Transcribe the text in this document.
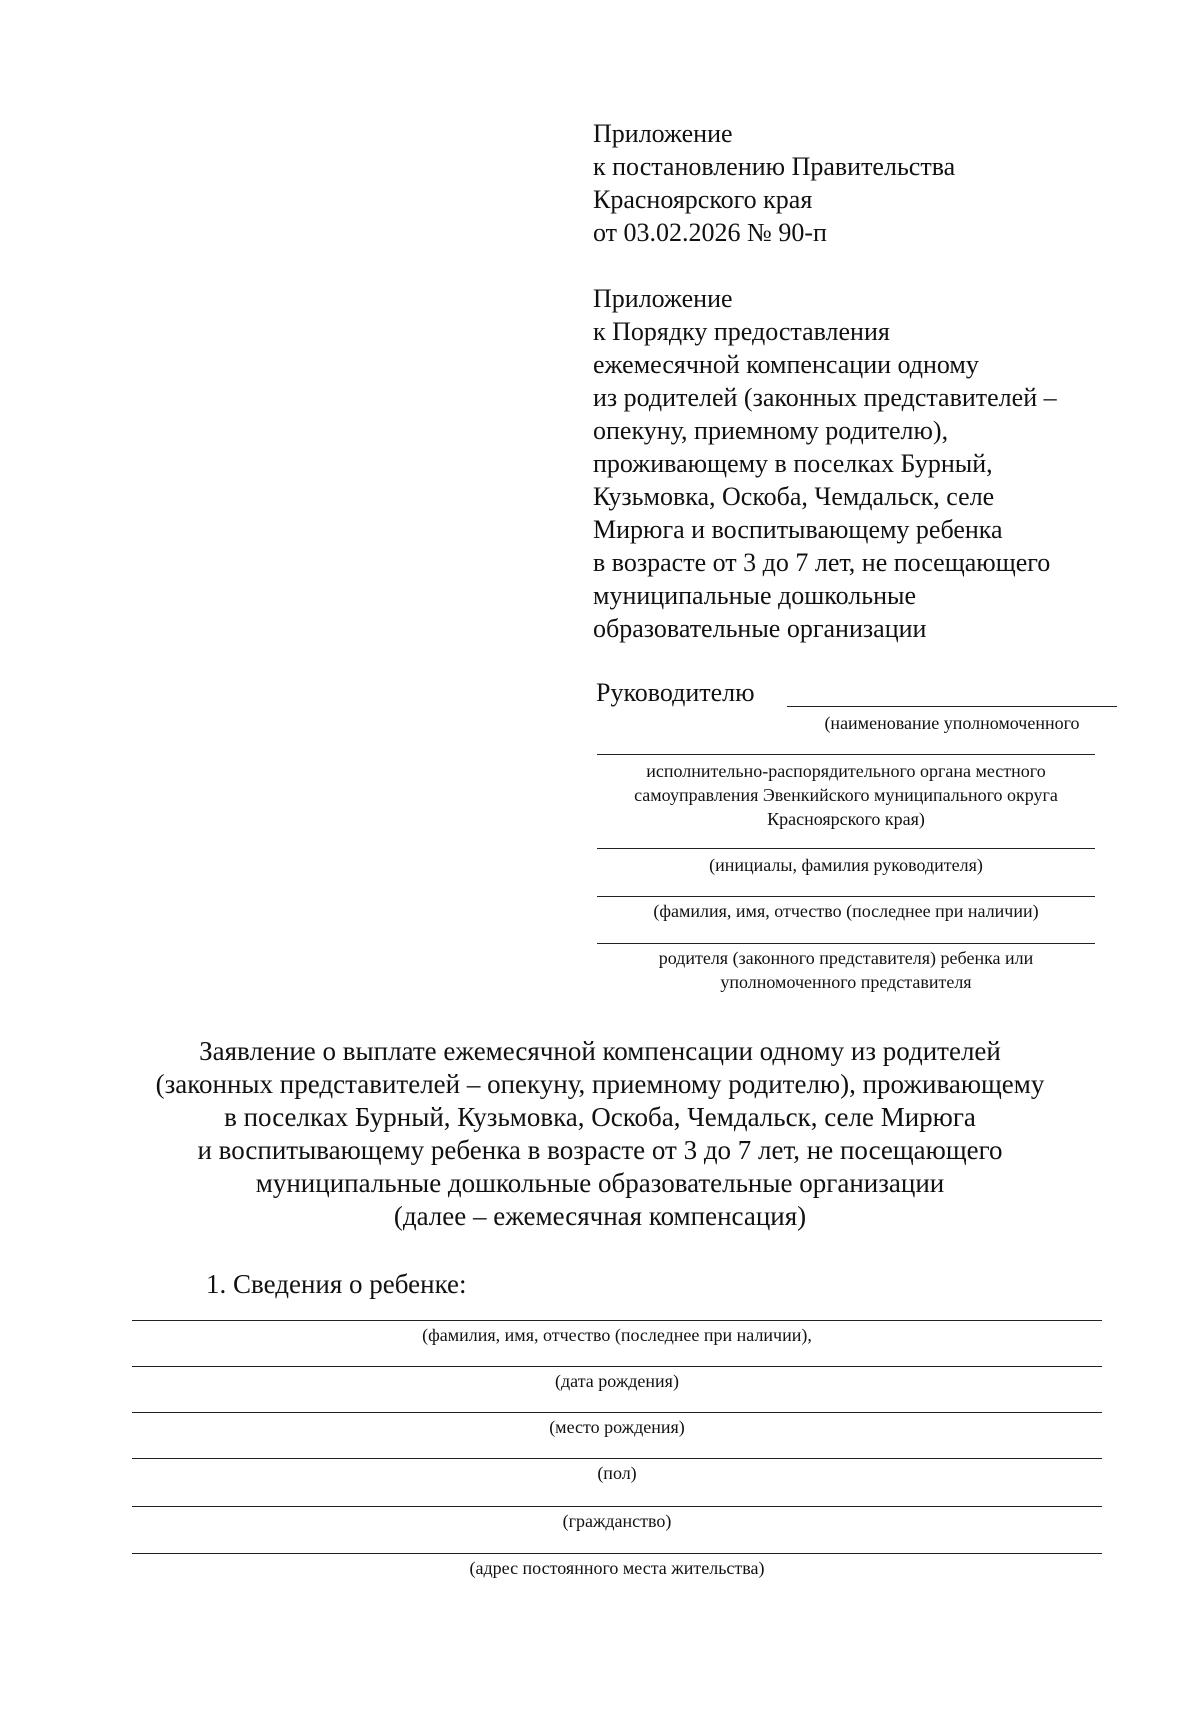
Приложение
к постановлению Правительства
Красноярского края
от 03.02.2026 № 90-п
Приложение
к Порядку предоставления
ежемесячной компенсации одному
из родителей (законных представителей –
опекуну, приемному родителю),
проживающему в поселках Бурный,
Кузьмовка, Оскоба, Чемдальск, селе
Мирюга и воспитывающему ребенка
в возрасте от 3 до 7 лет, не посещающего
муниципальные дошкольные
образовательные организации
Руководителю
(наименование уполномоченного
исполнительно-распорядительного органа местного
самоуправления Эвенкийского муниципального округа
Красноярского края)
(инициалы, фамилия руководителя)
(фамилия, имя, отчество (последнее при наличии)
родителя (законного представителя) ребенка или
уполномоченного представителя
Заявление о выплате ежемесячной компенсации одному из родителей
(законных представителей – опекуну, приемному родителю), проживающему
в поселках Бурный, Кузьмовка, Оскоба, Чемдальск, селе Мирюга
и воспитывающему ребенка в возрасте от 3 до 7 лет, не посещающего
муниципальные дошкольные образовательные организации
(далее – ежемесячная компенсация)
1. Сведения о ребенке:
(фамилия, имя, отчество (последнее при наличии),
(дата рождения)
(место рождения)
(пол)
(гражданство)
(адрес постоянного места жительства)
